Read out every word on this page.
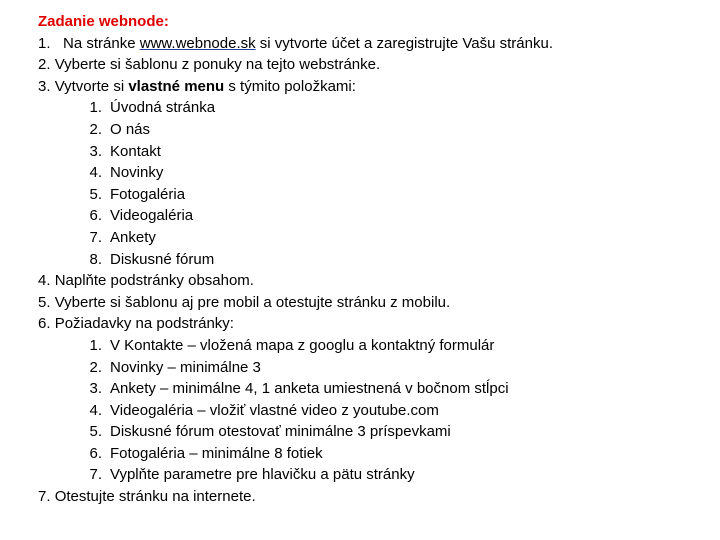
Zadanie webnode:
1. Na stránke www.webnode.sk si vytvorte účet a zaregistrujte Vašu stránku.
2. Vyberte si šablonu z ponuky na tejto webstránke.
3. Vytvorte si vlastné menu s týmito položkami:
1. Úvodná stránka
2. O nás
3. Kontakt
4. Novinky
5. Fotogaléria
6. Videogaléria
7. Ankety
8. Diskusné fórum
4. Naplňte podstránky obsahom.
5. Vyberte si šablonu aj pre mobil a otestujte stránku z mobilu.
6. Požiadavky na podstránky:
1. V Kontakte – vložená mapa z googlu a kontaktný formulár
2. Novinky – minimálne 3
3. Ankety – minimálne 4, 1 anketa umiestnená v bočnom stĺpci
4. Videogaléria – vložiť vlastné video z youtube.com
5. Diskusné fórum otestovať minimálne 3 príspevkami
6. Fotogaléria – minimálne 8 fotiek
7. Vyplňte parametre pre hlavičku a pätu stránky
7. Otestujte stránku na internete.
